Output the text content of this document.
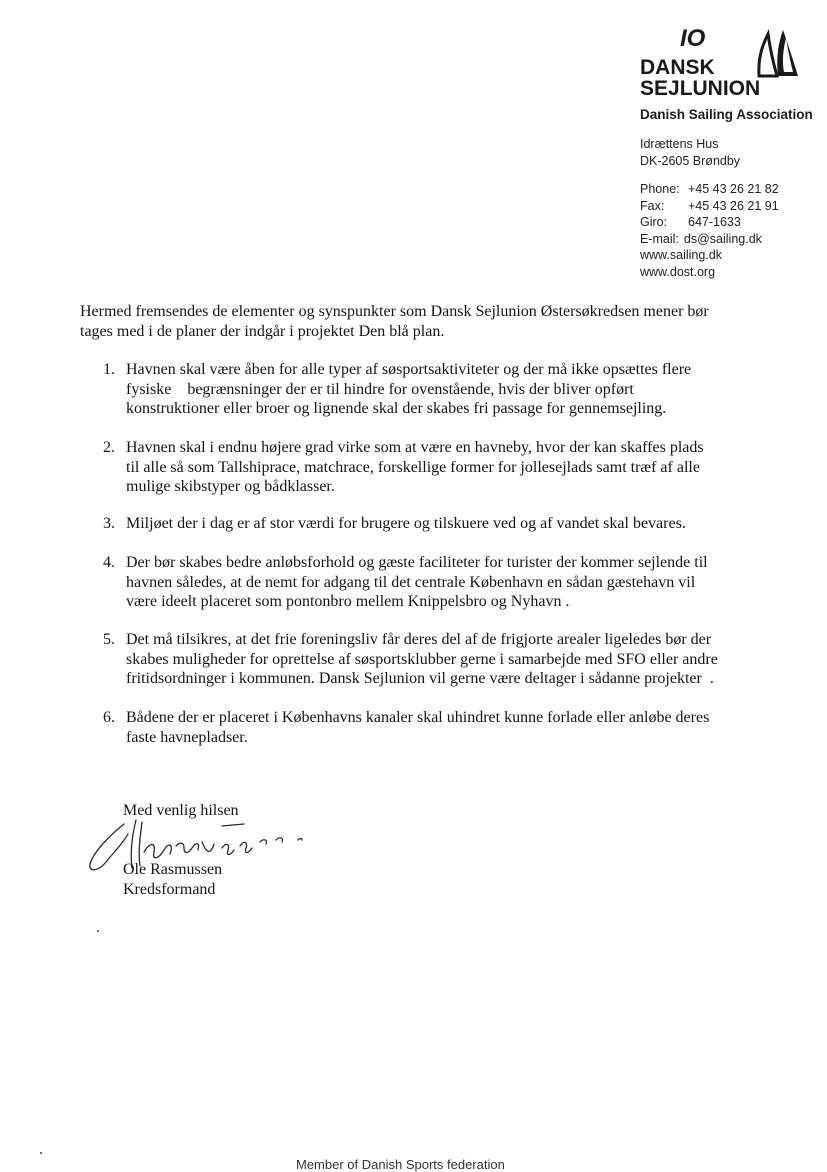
IO
DANSK
SEJLUNION
Danish Sailing Association
Idrættens Hus
DK-2605 Brøndby
Phone: +45 43 26 21 82
Fax: +45 43 26 21 91
Giro: 647-1633
E-mail: ds@sailing.dk
www.sailing.dk
www.dost.org
Hermed fremsendes de elementer og synspunkter som Dansk Sejlunion Østersøkredsen mener bør
tages med i de planer der indgår i projektet Den blå plan.
1. Havnen skal være åben for alle typer af søsportsaktiviteter og der må ikke opsættes flere
fysiske    begrænsninger der er til hindre for ovenstående, hvis der bliver opført
konstruktioner eller broer og lignende skal der skabes fri passage for gennemsejling.
2. Havnen skal i endnu højere grad virke som at være en havneby, hvor der kan skaffes plads
til alle så som Tallshiprace, matchrace, forskellige former for jollesejlads samt træf af alle
mulige skibstyper og bådklasser.
3. Miljøet der i dag er af stor værdi for brugere og tilskuere ved og af vandet skal bevares.
4. Der bør skabes bedre anløbsforhold og gæste faciliteter for turister der kommer sejlende til
havnen således, at de nemt for adgang til det centrale København en sådan gæstehavn vil
være ideelt placeret som pontonbro mellem Knippelsbro og Nyhavn .
5. Det må tilsikres, at det frie foreningsliv får deres del af de frigjorte arealer ligeledes bør der
skabes muligheder for oprettelse af søsportsklubber gerne i samarbejde med SFO eller andre
fritidsordninger i kommunen. Dansk Sejlunion vil gerne være deltager i sådanne projekter  .
6. Bådene der er placeret i Københavns kanaler skal uhindret kunne forlade eller anløbe deres
faste havnepladser.
Med venlig hilsen
Ole Rasmussen
Kredsformand
Member of Danish Sports federation
